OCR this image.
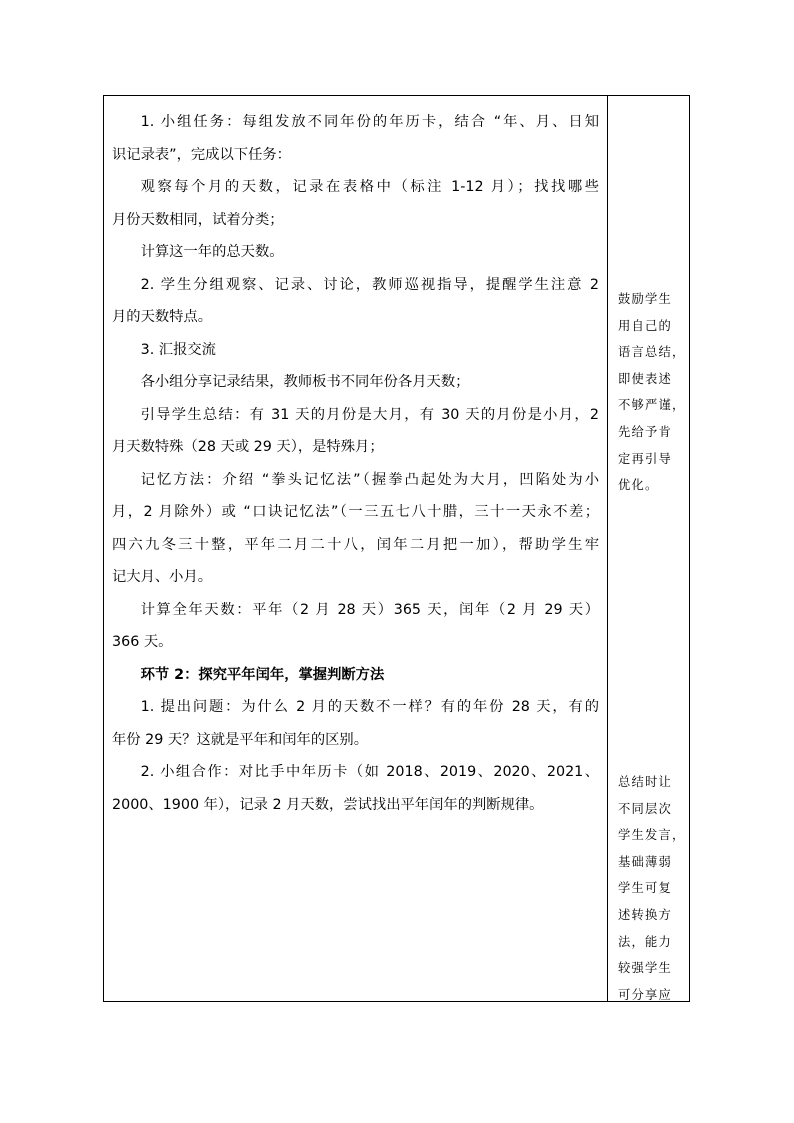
1. 小组任务：每组发放不同年份的年历卡，结合 “年、月、日知

识记录表”，完成以下任务：

观察每个月的天数，记录在表格中（标注 1-12 月）；找找哪些

月份天数相同，试着分类；

计算这一年的总天数。

2. 学生分组观察、记录、讨论，教师巡视指导，提醒学生注意 2

月的天数特点。

3. 汇报交流

各小组分享记录结果，教师板书不同年份各月天数；

引导学生总结：有 31 天的月份是大月，有 30 天的月份是小月，2

月天数特殊（28 天或 29 天），是特殊月；

记忆方法：介绍 “拳头记忆法”（握拳凸起处为大月，凹陷处为小

月，2 月除外）或 “口诀记忆法”（一三五七八十腊，三十一天永不差；

四六九冬三十整，平年二月二十八，闰年二月把一加），帮助学生牢

记大月、小月。

计算全年天数：平年（2 月 28 天）365 天，闰年（2 月 29 天）

366 天。

环节 2：探究平年闰年，掌握判断方法

1. 提出问题：为什么 2 月的天数不一样？有的年份 28 天，有的

年份 29 天？这就是平年和闰年的区别。

2. 小组合作：对比手中年历卡（如 2018、2019、2020、2021、

2000、1900 年），记录 2 月天数，尝试找出平年闰年的判断规律。

鼓励学生
用自己的
语言总结，
即使表述
不够严谨，
先给予肯
定再引导
优化。
总结时让
不同层次
学生发言，
基础薄弱
学生可复
述转换方
法，能力
较强学生
可分享应
